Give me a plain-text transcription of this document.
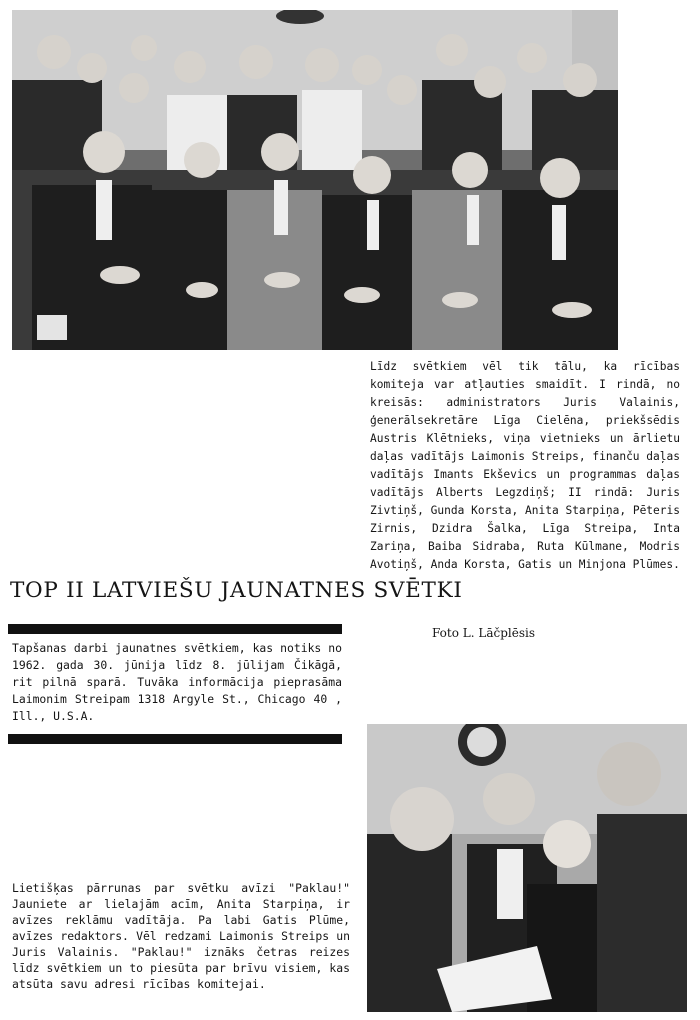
Līdz svētkiem vēl tik tālu, ka rīcības komiteja var atļauties smaidīt. I rindā, no kreisās: administrators Juris Valainis, ģenerālsekretāre Līga Cielēna, priekšsēdis Austris Klētnieks, viņa vietnieks un ārlietu daļas vadītājs Laimonis Streips, finanču daļas vadītājs Imants Ekševics un programmas daļas vadītājs Alberts Legzdiņš; II rindā: Juris Zivtiņš, Gunda Korsta, Anita Starpiņa, Pēteris Zirnis, Dzidra Šalka, Līga Streipa, Inta Zariņa, Baiba Sidraba, Ruta Kūlmane, Modris Avotiņš, Anda Korsta, Gatis un Minjona Plūmes.

TOP II LATVIEŠU JAUNATNES SVĒTKI

Tapšanas darbi jaunatnes svētkiem, kas notiks no 1962. gada 30. jūnija līdz 8. jūlijam Čikāgā, rit pilnā sparā. Tuvāka informācija pieprasāma Laimonim Streipam 1318 Argyle St., Chicago 40 , Ill., U.S.A.

Foto L. Lāčplēsis

Lietišķas pārrunas par svētku avīzi "Paklau!" Jauniete ar lielajām acīm, Anita Starpiņa, ir avīzes reklāmu vadītāja. Pa labi Gatis Plūme, avīzes redaktors. Vēl redzami Laimonis Streips un Juris Valainis. "Paklau!" iznāks četras reizes līdz svētkiem un to piesūta par brīvu visiem, kas atsūta savu adresi rīcības komitejai.
